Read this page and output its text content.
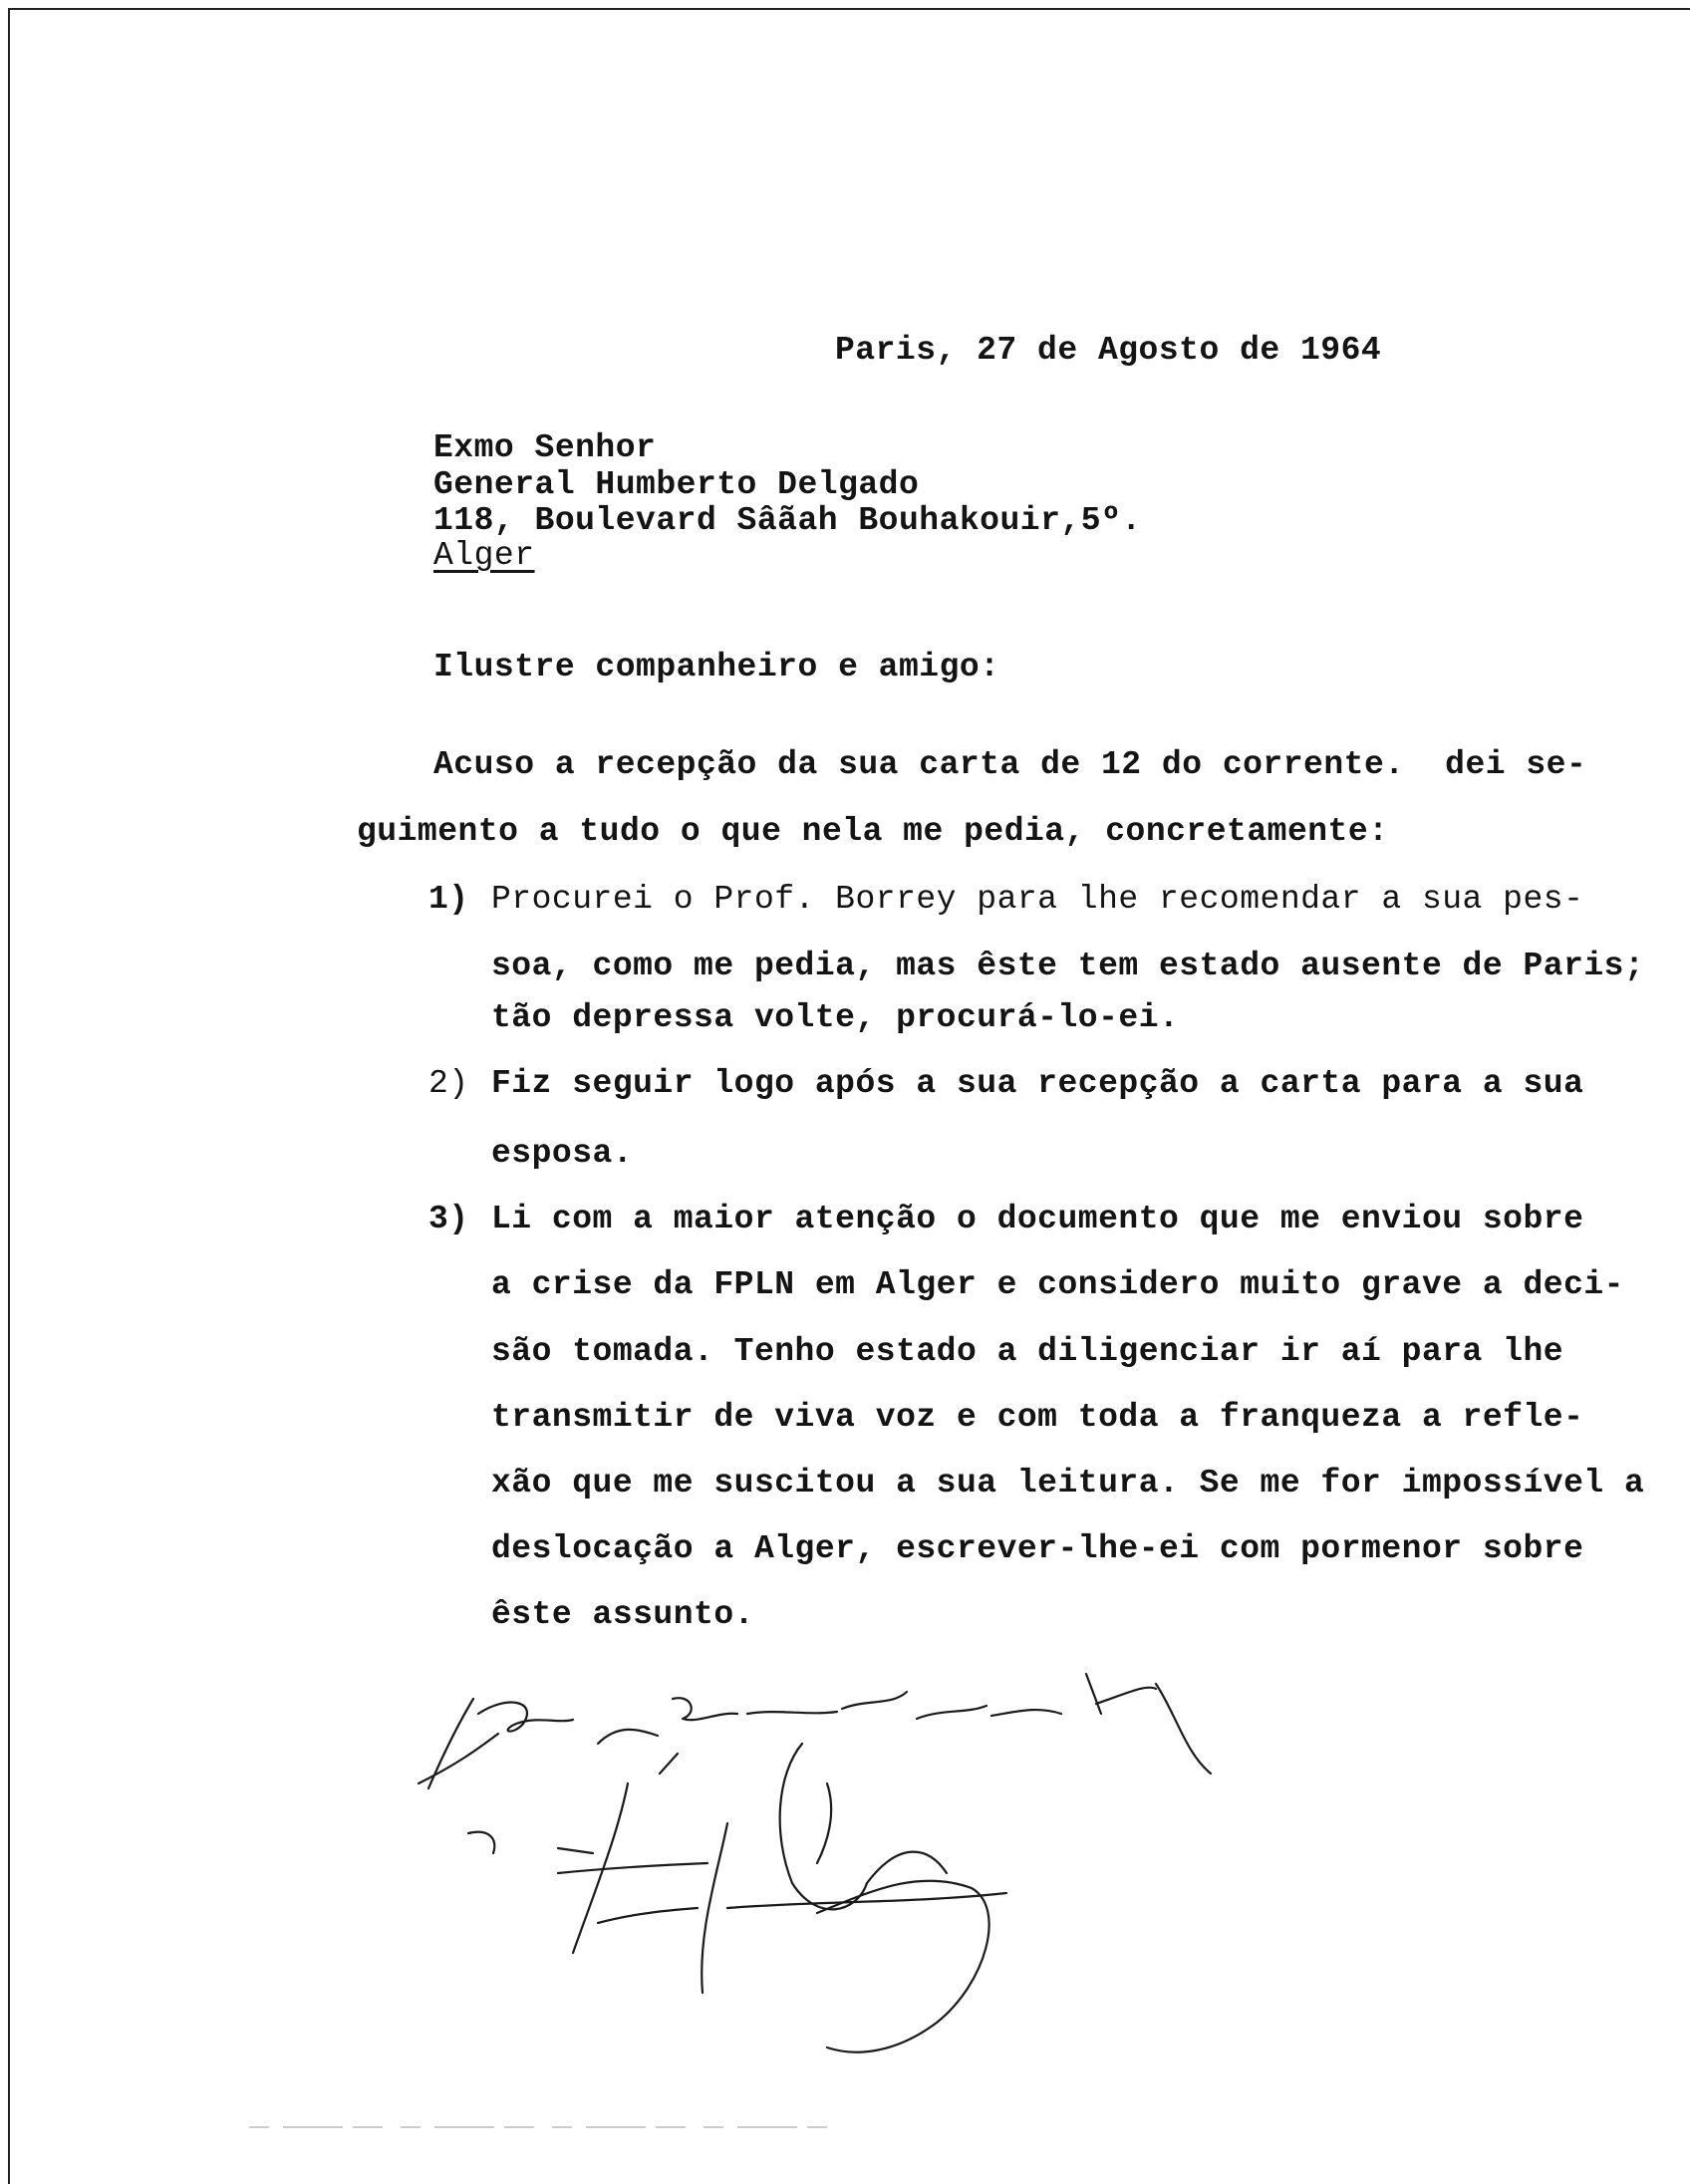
Paris, 27 de Agosto de 1964
Exmo Senhor
General Humberto Delgado
118, Boulevard Sâãah Bouhakouir,5º.
Alger
Ilustre companheiro e amigo:
Acuso a recepção da sua carta de 12 do corrente.  dei se-
guimento a tudo o que nela me pedia, concretamente:
1) Procurei o Prof. Borrey para lhe recomendar a sua pes-
soa, como me pedia, mas êste tem estado ausente de Paris;
tão depressa volte, procurá-lo-ei.
2) Fiz seguir logo após a sua recepção a carta para a sua
esposa.
3) Li com a maior atenção o documento que me enviou sobre
a crise da FPLN em Alger e considero muito grave a deci-
são tomada. Tenho estado a diligenciar ir aí para lhe
transmitir de viva voz e com toda a franqueza a refle-
xão que me suscitou a sua leitura. Se me for impossível a
deslocação a Alger, escrever-lhe-ei com pormenor sobre
êste assunto.
